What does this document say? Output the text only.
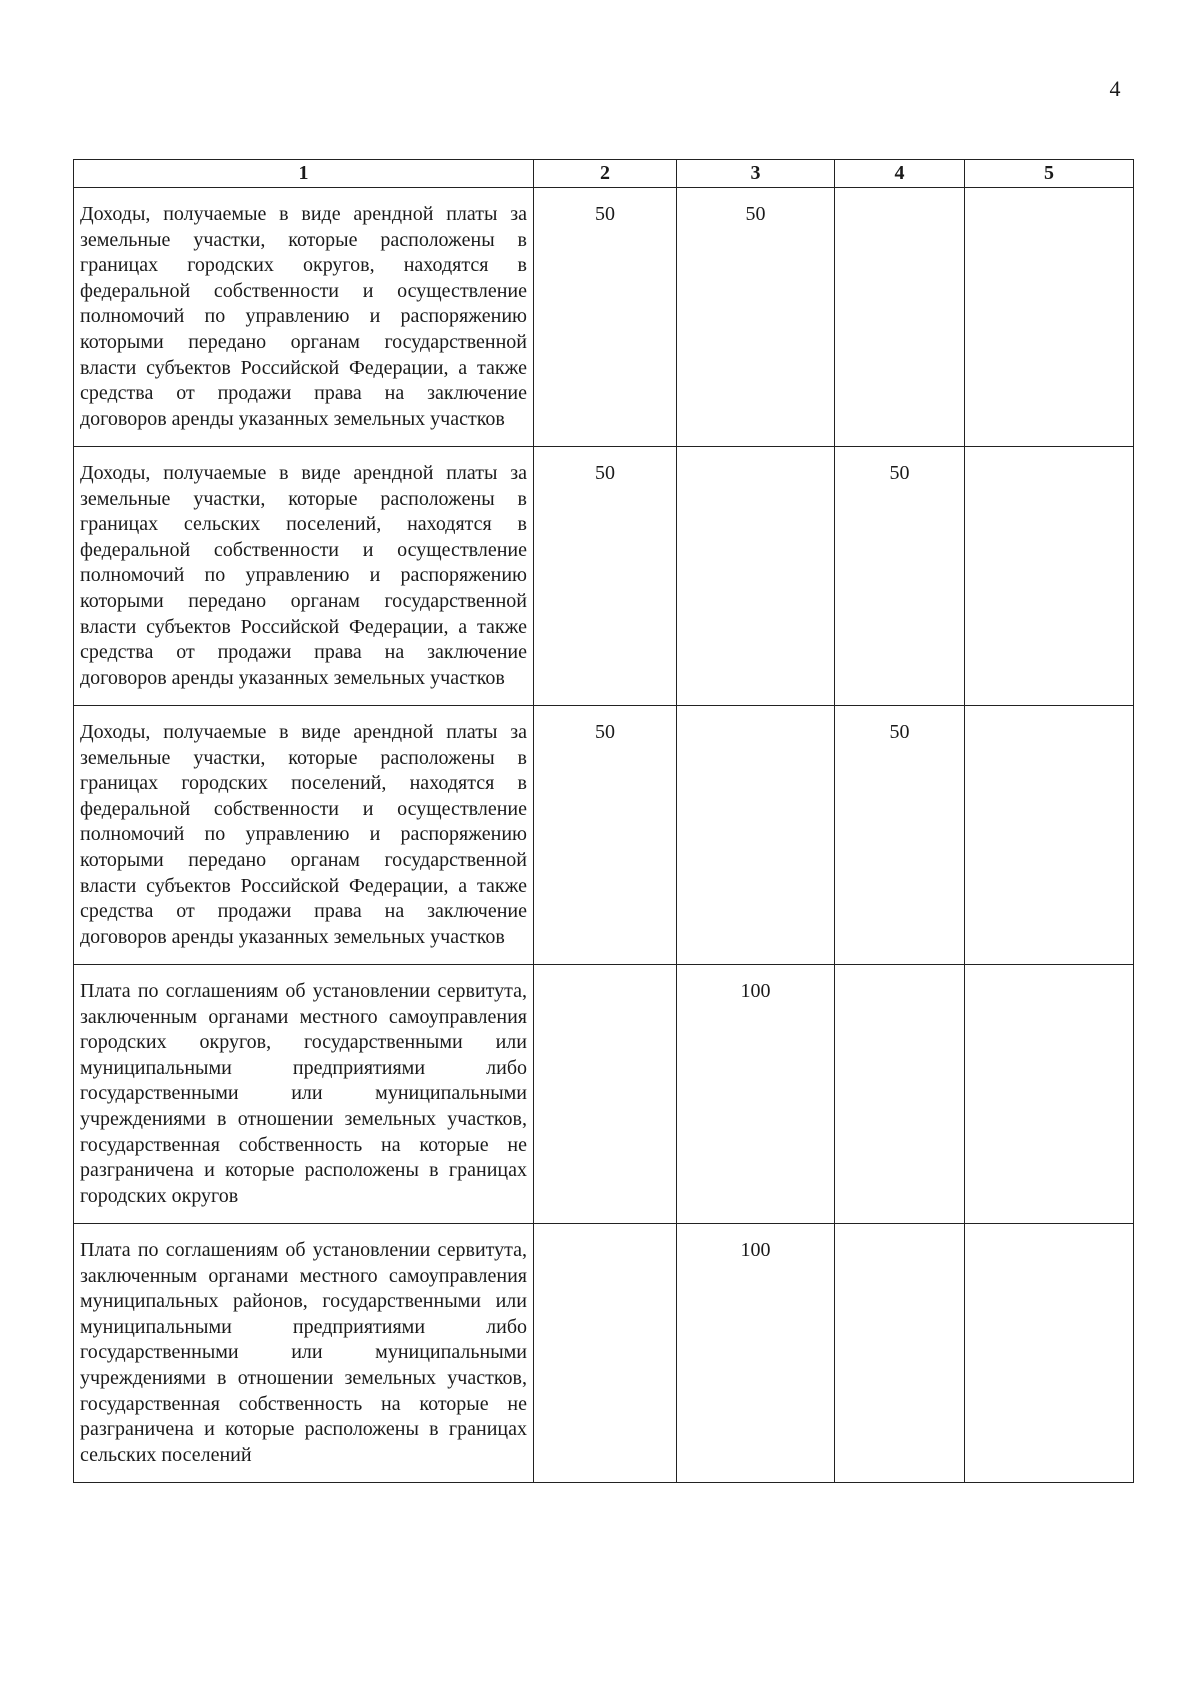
4
1	2	3	4	5
Доходы, получаемые в виде арендной платы за земельные участки, которые расположены в границах городских округов, находятся в федеральной собственности и осуществление полномочий по управлению и распоряжению которыми передано органам государственной власти субъектов Российской Федерации, а также средства от продажи права на заключение договоров аренды указанных земельных участков	50	50		
Доходы, получаемые в виде арендной платы за земельные участки, которые расположены в границах сельских поселений, находятся в федеральной собственности и осуществление полномочий по управлению и распоряжению которыми передано органам государственной власти субъектов Российской Федерации, а также средства от продажи права на заключение договоров аренды указанных земельных участков	50		50	
Доходы, получаемые в виде арендной платы за земельные участки, которые расположены в границах городских поселений, находятся в федеральной собственности и осуществление полномочий по управлению и распоряжению которыми передано органам государственной власти субъектов Российской Федерации, а также средства от продажи права на заключение договоров аренды указанных земельных участков	50		50	
Плата по соглашениям об установлении сервитута, заключенным органами местного самоуправления городских округов, государственными или муниципальными предприятиями либо государственными или муниципальными учреждениями в отношении земельных участков, государственная собственность на которые не разграничена и которые расположены в границах городских округов		100		
Плата по соглашениям об установлении сервитута, заключенным органами местного самоуправления муниципальных районов, государственными или муниципальными предприятиями либо государственными или муниципальными учреждениями в отношении земельных участков, государственная собственность на которые не разграничена и которые расположены в границах сельских поселений		100		
